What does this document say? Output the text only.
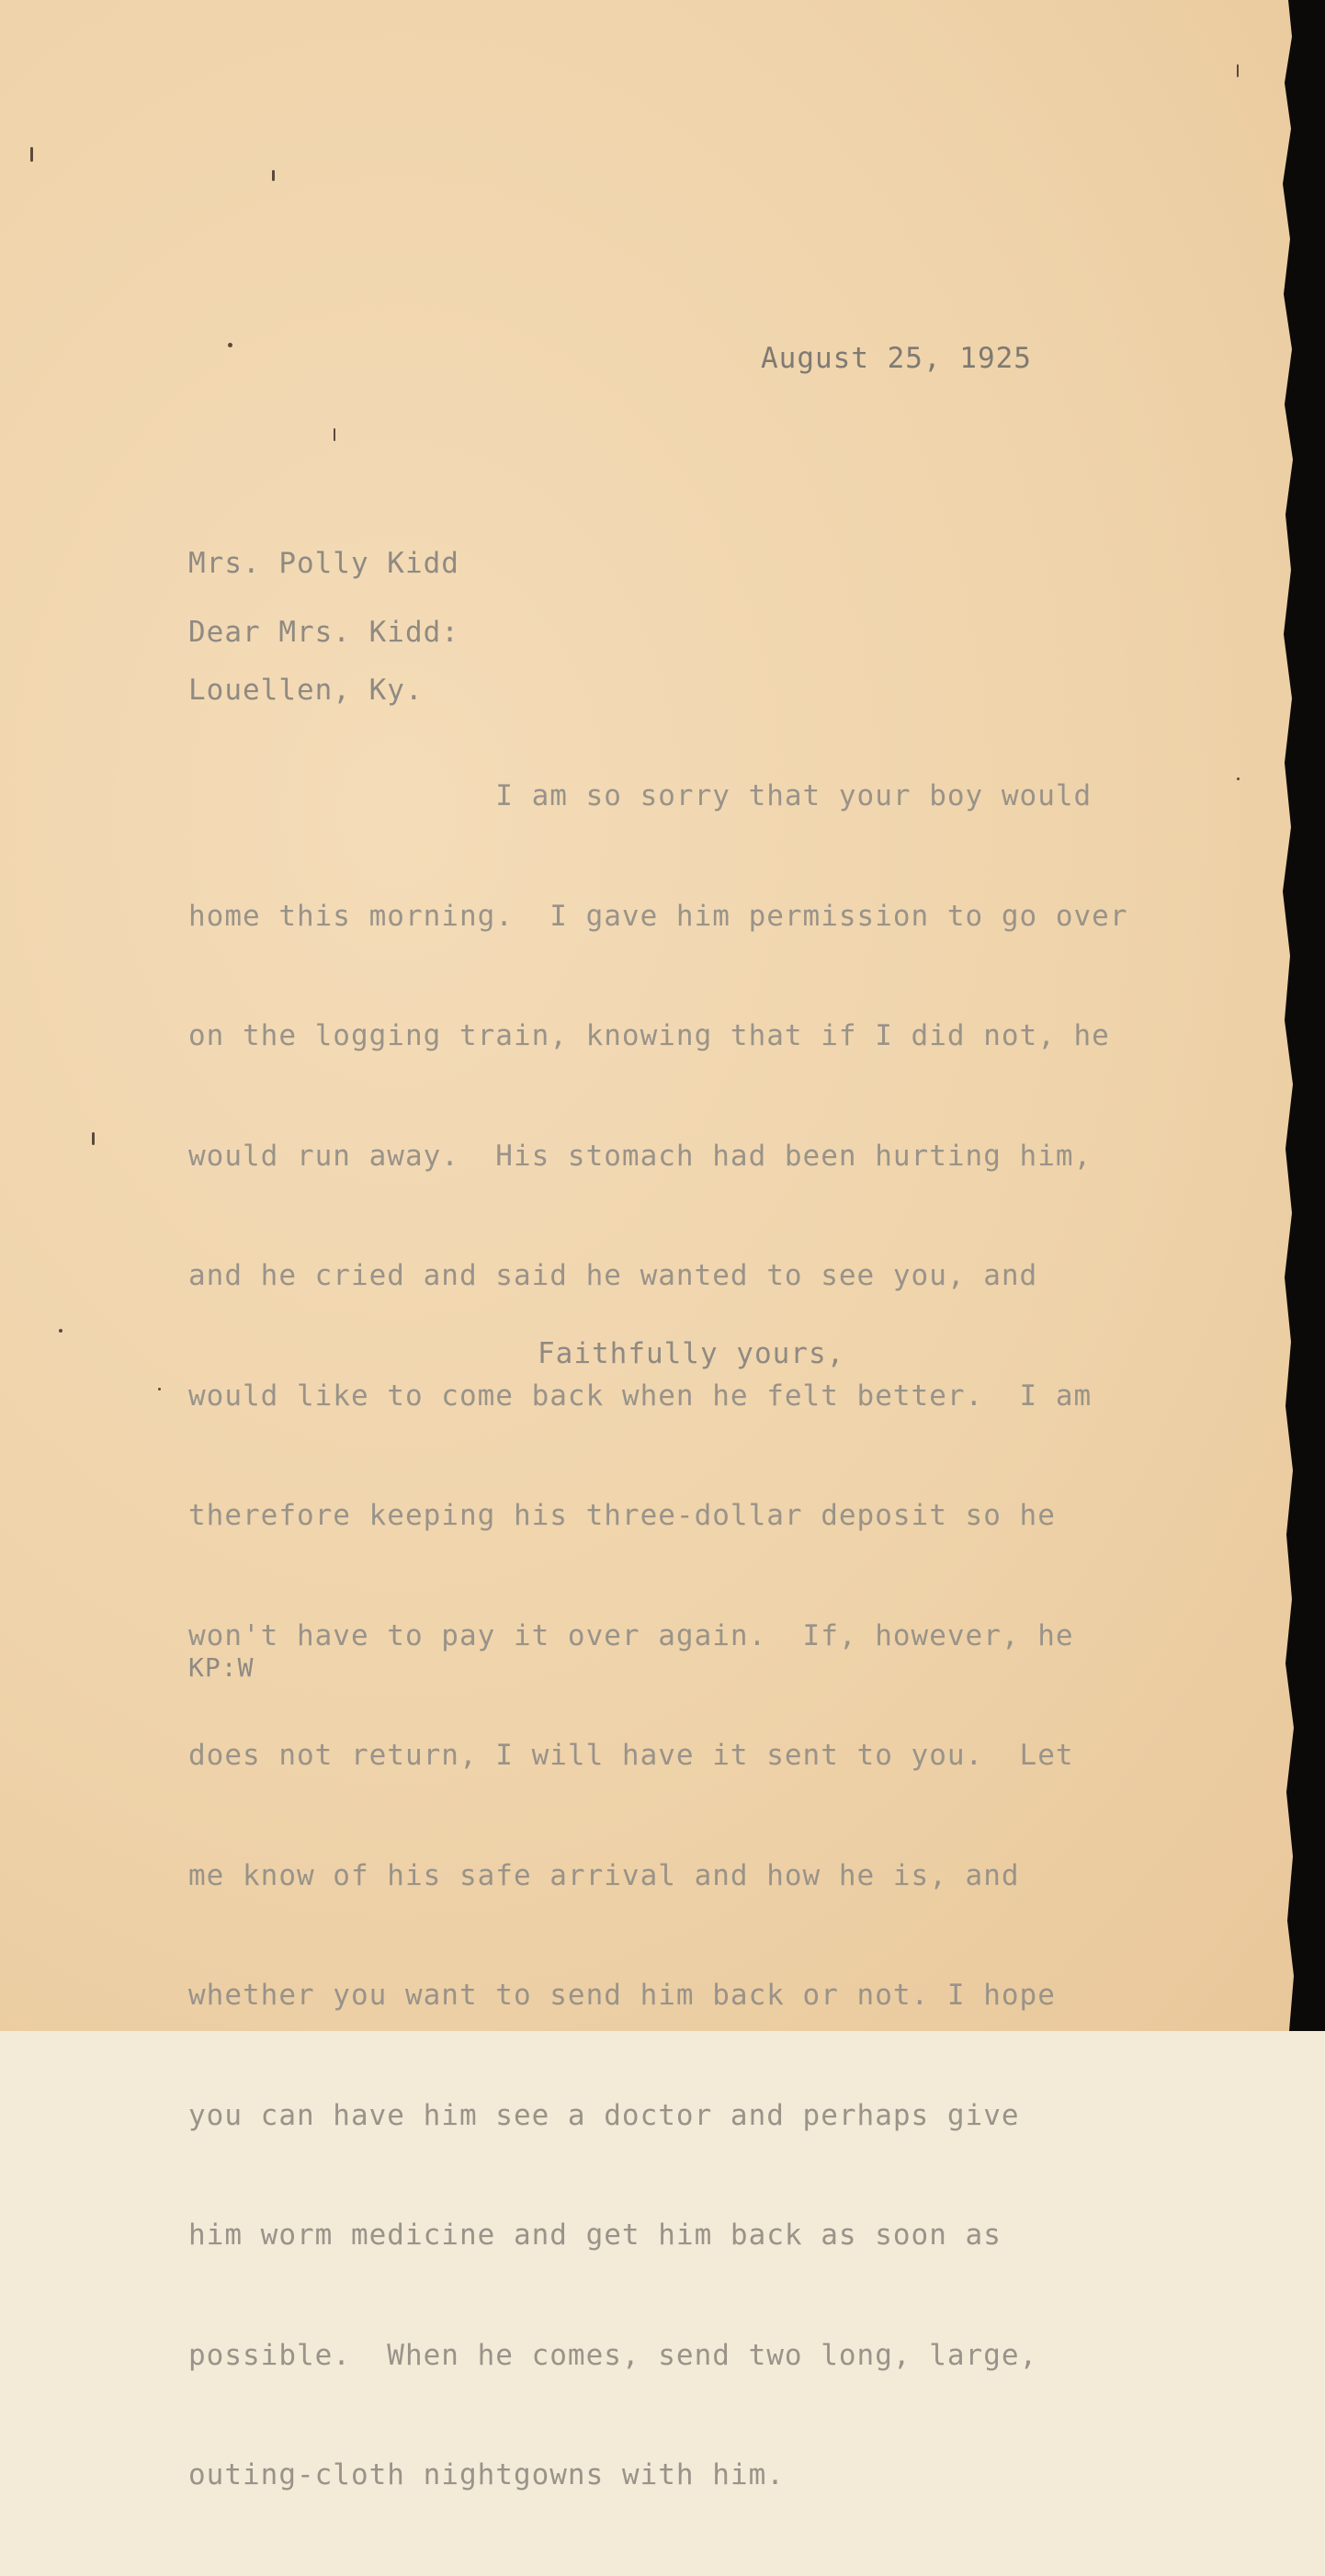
August 25, 1925

Mrs. Polly Kidd

Louellen, Ky.

Dear Mrs. Kidd:

I am so sorry that your boy would

home this morning.  I gave him permission to go over

on the logging train, knowing that if I did not, he

would run away.  His stomach had been hurting him,

and he cried and said he wanted to see you, and

would like to come back when he felt better.  I am

therefore keeping his three-dollar deposit so he

won't have to pay it over again.  If, however, he

does not return, I will have it sent to you.  Let

me know of his safe arrival and how he is, and

whether you want to send him back or not. I hope

you can have him see a doctor and perhaps give

him worm medicine and get him back as soon as

possible.  When he comes, send two long, large,

outing-cloth nightgowns with him.

Faithfully yours,
KP:W
